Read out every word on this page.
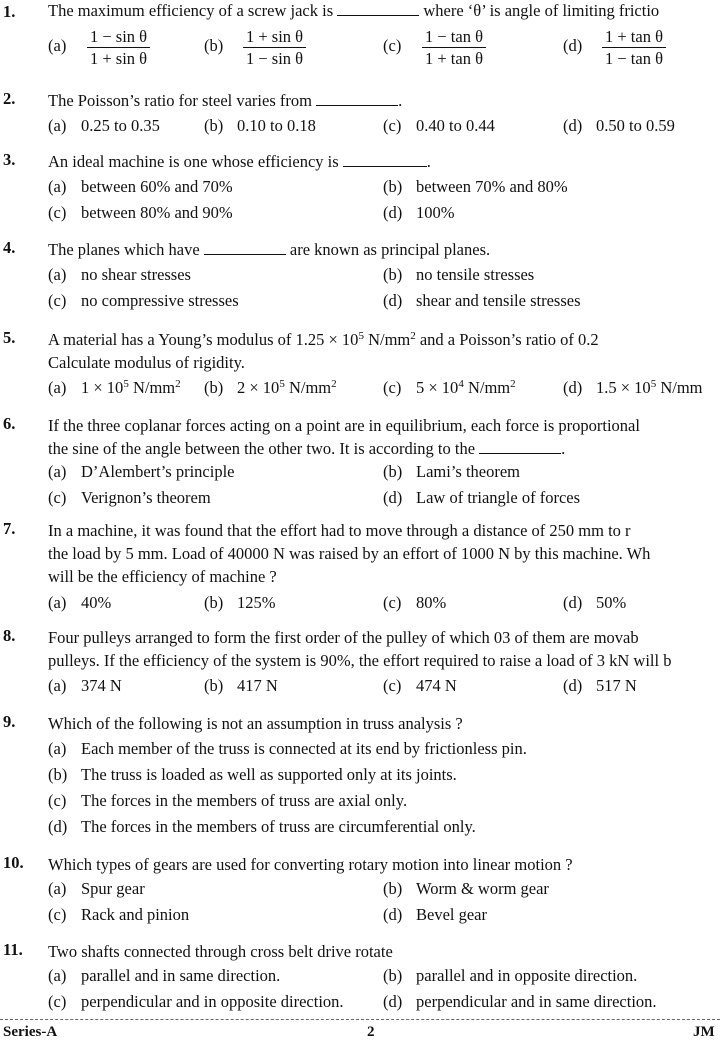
1. The maximum efficiency of a screw jack is	where ‘θ’ is angle of limiting frictio
$(a) \frac{\text{1 − sin θ}}{\text{1 + sin θ}}$	$(b) \frac{\text{1 + sin θ}}{\text{1 − sin θ}}$	$(c) \frac{\text{1 − tan θ}}{\text{1 + tan θ}}$	$(d) \frac{\text{1 + tan θ}}{\text{1 − tan θ}}$
2. The Poisson’s ratio for steel varies from	.
(a) 0.25 to 0.35	(b) 0.10 to 0.18	(c) 0.40 to 0.44	(d) 0.50 to 0.59
3. An ideal machine is one whose efficiency is	.
(a) between 60% and 70%	(b) between 70% and 80%
(c) between 80% and 90%	(d) 100%
4. The planes which have	are known as principal planes.
(a) no shear stresses	(b) no tensile stresses
(c) no compressive stresses	(d) shear and tensile stresses
5. A material has a Young’s modulus of $1.25 \times 10^5$ $N/mm^2$ and a Poisson’s ratio of 0.2
Calculate modulus of rigidity.
(a) $1 \times 10^5$ $N/mm^2$ (b) $2 \times 10^5$ $N/mm^2$	(c) $5 \times 10^4$ $N/mm^2$	(d) $1.5 \times 10^5$ N/mm
6. If the three coplanar forces acting on a point are in equilibrium, each force is proportional
the sine of the angle between the other two. It is according to the	.
(a) D’Alembert’s principle	(b) Lami’s theorem
(c) Verignon’s theorem	(d) Law of triangle of forces
7. In a machine, it was found that the effort had to move through a distance of 250 mm to r
the load by 5 mm. Load of 40000 N was raised by an effort of 1000 N by this machine. Wh
will be the efficiency of machine ?
(a) 40%	(b) 125%	(c) 80%	(d) 50%
8. Four pulleys arranged to form the first order of the pulley of which 03 of them are movab
pulleys. If the efficiency of the system is 90%, the effort required to raise a load of 3 kN will b
(a) 374 N	(b) 417 N	(c) 474 N	(d) 517 N
9. Which of the following is not an assumption in truss analysis ?
(a) Each member of the truss is connected at its end by frictionless pin.
(b) The truss is loaded as well as supported only at its joints.
(c) The forces in the members of truss are axial only.
(d) The forces in the members of truss are circumferential only.
10. Which types of gears are used for converting rotary motion into linear motion ?
(a) Spur gear	(b) Worm & worm gear
(c) Rack and pinion	(d) Bevel gear
11. Two shafts connected through cross belt drive rotate
(a) parallel and in same direction.	(b) parallel and in opposite direction.
(c) perpendicular and in opposite direction. (d) perpendicular and in same direction.
Series-A	2	JM
